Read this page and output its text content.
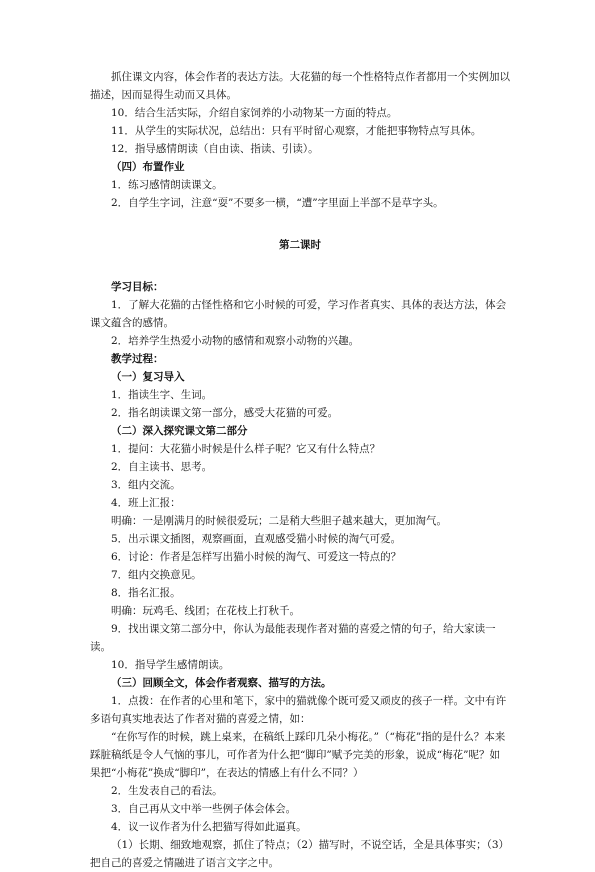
抓住课文内容，体会作者的表达方法。大花猫的每一个性格特点作者都用一个实例加以描述，因而显得生动而又具体。

10．结合生活实际，介绍自家饲养的小动物某一方面的特点。

11．从学生的实际状况，总结出：只有平时留心观察，才能把事物特点写具体。

12．指导感情朗读（自由读、指读、引读）。

（四）布置作业

1．练习感情朗读课文。

2．自学生字词，注意“耍”不要多一横，“遭”字里面上半部不是草字头。

第二课时

学习目标：

1．了解大花猫的古怪性格和它小时候的可爱，学习作者真实、具体的表达方法，体会课文蕴含的感情。

2．培养学生热爱小动物的感情和观察小动物的兴趣。

教学过程：

（一）复习导入

1．指读生字、生词。

2．指名朗读课文第一部分，感受大花猫的可爱。

（二）深入探究课文第二部分

1．提问：大花猫小时候是什么样子呢？它又有什么特点？

2．自主读书、思考。

3．组内交流。

4．班上汇报：

明确：一是刚满月的时候很爱玩；二是稍大些胆子越来越大，更加淘气。

5．出示课文插图，观察画面，直观感受猫小时候的淘气可爱。

6．讨论：作者是怎样写出猫小时候的淘气、可爱这一特点的？

7．组内交换意见。

8．指名汇报。

明确：玩鸡毛、线团；在花枝上打秋千。

9．找出课文第二部分中，你认为最能表现作者对猫的喜爱之情的句子，给大家读一读。

10．指导学生感情朗读。

（三）回顾全文，体会作者观察、描写的方法。

1．点拨：在作者的心里和笔下，家中的猫就像个既可爱又顽皮的孩子一样。文中有许多语句真实地表达了作者对猫的喜爱之情，如：

“在你写作的时候，跳上桌来，在稿纸上踩印几朵小梅花。”（“梅花”指的是什么？本来踩脏稿纸是令人气恼的事儿，可作者为什么把“脚印”赋予完美的形象，说成“梅花”呢？如果把“小梅花”换成“脚印”，在表达的情感上有什么不同？）

2．生发表自己的看法。

3．自己再从文中举一些例子体会体会。

4．议一议作者为什么把猫写得如此逼真。

（1）长期、细致地观察，抓住了特点；（2）描写时，不说空话，全是具体事实；（3）把自己的喜爱之情融进了语言文字之中。
